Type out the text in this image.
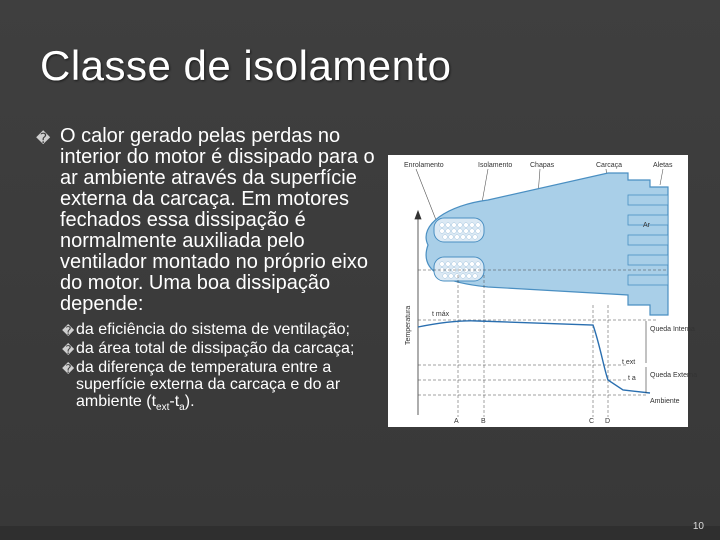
Classe de isolamento
� O calor gerado pelas perdas no interior do motor é dissipado para o ar ambiente através da superfície externa da carcaça. Em motores fechados essa dissipação é normalmente auxiliada pelo ventilador montado no próprio eixo do motor. Uma boa dissipação depende:
� da eficiência do sistema de ventilação;
� da área total de dissipação da carcaça;
� da diferença de temperatura entre a superfície externa da carcaça e do ar ambiente $(t_{ext}-t_a)$.
Enrolamento	Isolamento	Chapas	Carcaça	Aletas
Ar
Temperatura	t máx
t ext
t a
Queda Interna
Queda Externa
Ambiente
A	B	C D
10
